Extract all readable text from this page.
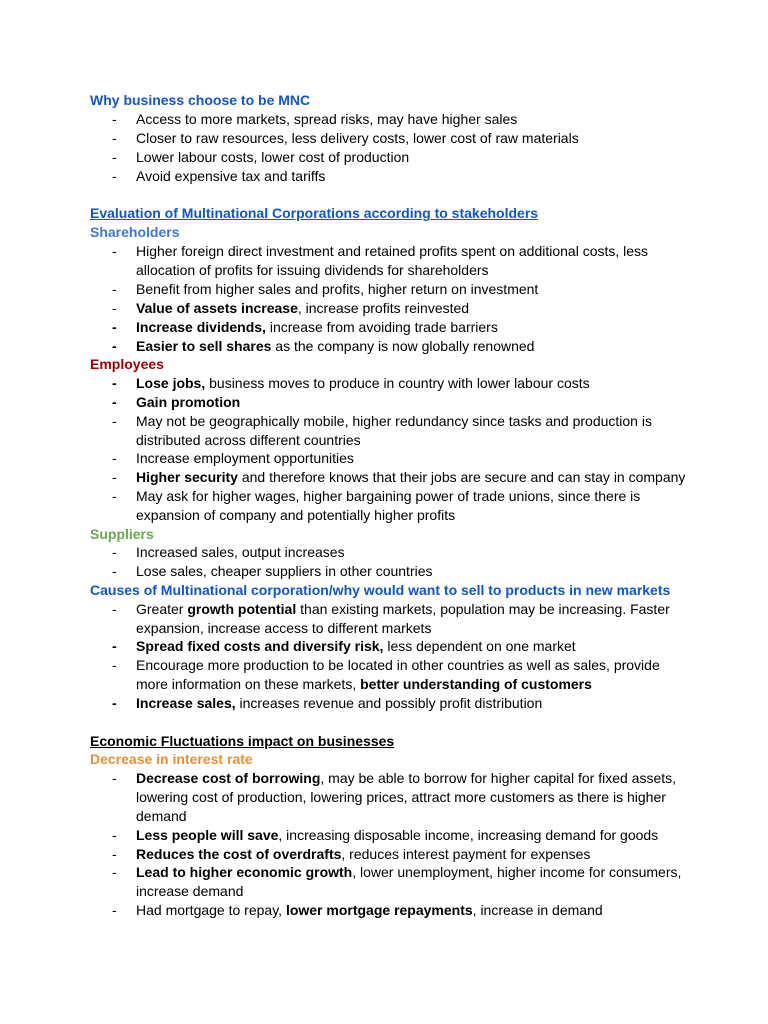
Why business choose to be MNC
- Access to more markets, spread risks, may have higher sales
- Closer to raw resources, less delivery costs, lower cost of raw materials
- Lower labour costs, lower cost of production
- Avoid expensive tax and tariffs
Evaluation of Multinational Corporations according to stakeholders
Shareholders
- Higher foreign direct investment and retained profits spent on additional costs, less
allocation of profits for issuing dividends for shareholders
- Benefit from higher sales and profits, higher return on investment
- Value of assets increase, increase profits reinvested
- Increase dividends, increase from avoiding trade barriers
- Easier to sell shares as the company is now globally renowned
Employees
- Lose jobs, business moves to produce in country with lower labour costs
- Gain promotion
- May not be geographically mobile, higher redundancy since tasks and production is
distributed across different countries
- Increase employment opportunities
- Higher security and therefore knows that their jobs are secure and can stay in company
- May ask for higher wages, higher bargaining power of trade unions, since there is
expansion of company and potentially higher profits
Suppliers
- Increased sales, output increases
- Lose sales, cheaper suppliers in other countries
Causes of Multinational corporation/why would want to sell to products in new markets
- Greater growth potential than existing markets, population may be increasing. Faster
expansion, increase access to different markets
- Spread fixed costs and diversify risk, less dependent on one market
- Encourage more production to be located in other countries as well as sales, provide
more information on these markets, better understanding of customers
- Increase sales, increases revenue and possibly profit distribution
Economic Fluctuations impact on businesses
Decrease in interest rate
- Decrease cost of borrowing, may be able to borrow for higher capital for fixed assets,
lowering cost of production, lowering prices, attract more customers as there is higher
demand
- Less people will save, increasing disposable income, increasing demand for goods
- Reduces the cost of overdrafts, reduces interest payment for expenses
- Lead to higher economic growth, lower unemployment, higher income for consumers,
increase demand
- Had mortgage to repay, lower mortgage repayments, increase in demand
